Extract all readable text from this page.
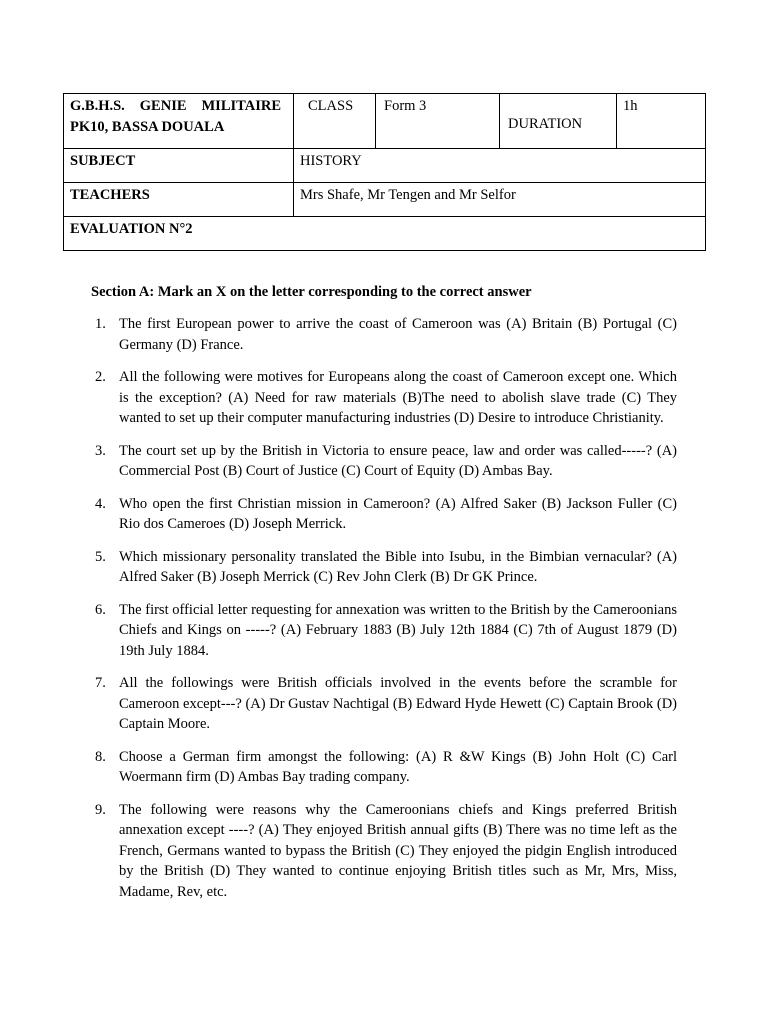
G.B.H.S. GENIE MILITAIRE
PK10, BASSA DOUALA	CLASS	Form 3	DURATION	1h
SUBJECT	HISTORY			
TEACHERS	Mrs Shafe, Mr Tengen and Mr Selfor			
EVALUATION N°2				
Section A: Mark an X on the letter corresponding to the correct answer
1. The first European power to arrive the coast of Cameroon was (A) Britain (B) Portugal (C) Germany (D) France.
2. All the following were motives for Europeans along the coast of Cameroon except one. Which is the exception? (A) Need for raw materials (B)The need to abolish slave trade (C) They wanted to set up their computer manufacturing industries (D) Desire to introduce Christianity.
3. The court set up by the British in Victoria to ensure peace, law and order was called-----? (A) Commercial Post (B) Court of Justice (C) Court of Equity (D) Ambas Bay.
4. Who open the first Christian mission in Cameroon? (A) Alfred Saker (B) Jackson Fuller (C) Rio dos Cameroes (D) Joseph Merrick.
5. Which missionary personality translated the Bible into Isubu, in the Bimbian vernacular? (A) Alfred Saker (B) Joseph Merrick (C) Rev John Clerk (B) Dr GK Prince.
6. The first official letter requesting for annexation was written to the British by the Cameroonians Chiefs and Kings on -----? (A) February 1883 (B) July 12th 1884 (C) 7th of August 1879 (D) 19th July 1884.
7. All the followings were British officials involved in the events before the scramble for Cameroon except---? (A) Dr Gustav Nachtigal (B) Edward Hyde Hewett (C) Captain Brook (D) Captain Moore.
8. Choose a German firm amongst the following: (A) R &W Kings (B) John Holt (C) Carl Woermann firm (D) Ambas Bay trading company.
9. The following were reasons why the Cameroonians chiefs and Kings preferred British annexation except ----? (A) They enjoyed British annual gifts (B) There was no time left as the French, Germans wanted to bypass the British (C) They enjoyed the pidgin English introduced by the British (D) They wanted to continue enjoying British titles such as Mr, Mrs, Miss, Madame, Rev, etc.
